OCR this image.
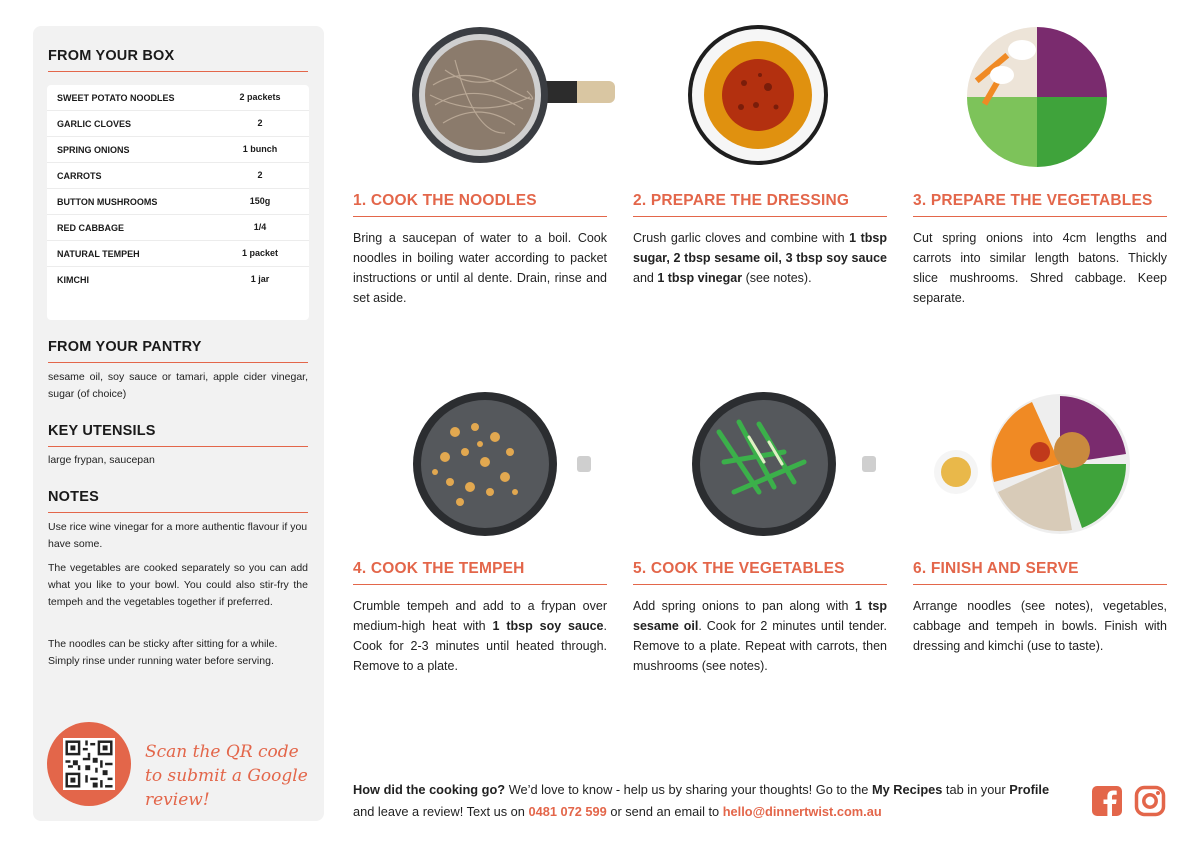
FROM YOUR BOX
SWEET POTATO NOODLES	2 packets
GARLIC CLOVES	2
SPRING ONIONS	1 bunch
CARROTS	2
BUTTON MUSHROOMS	150g
RED CABBAGE	1/4
NATURAL TEMPEH	1 packet
KIMCHI	1 jar
FROM YOUR PANTRY
sesame oil, soy sauce or tamari, apple cider vinegar, sugar (of choice)
KEY UTENSILS
large frypan, saucepan
NOTES
Use rice wine vinegar for a more authentic flavour if you have some.
The vegetables are cooked separately so you can add what you like to your bowl. You could also stir-fry the tempeh and the vegetables together if preferred.
The noodles can be sticky after sitting for a while. Simply rinse under running water before serving.
Scan the QR code to submit a Google review!
1. COOK THE NOODLES
Bring a saucepan of water to a boil. Cook noodles in boiling water according to packet instructions or until al dente. Drain, rinse and set aside.
2. PREPARE THE DRESSING
Crush garlic cloves and combine with 1 tbsp sugar, 2 tbsp sesame oil, 3 tbsp soy sauce and 1 tbsp vinegar (see notes).
3. PREPARE THE VEGETABLES
Cut spring onions into 4cm lengths and carrots into similar length batons. Thickly slice mushrooms. Shred cabbage. Keep separate.
4. COOK THE TEMPEH
Crumble tempeh and add to a frypan over medium-high heat with 1 tbsp soy sauce. Cook for 2-3 minutes until heated through. Remove to a plate.
5. COOK THE VEGETABLES
Add spring onions to pan along with 1 tsp sesame oil. Cook for 2 minutes until tender. Remove to a plate. Repeat with carrots, then mushrooms (see notes).
6. FINISH AND SERVE
Arrange noodles (see notes), vegetables, cabbage and tempeh in bowls. Finish with dressing and kimchi (use to taste).
How did the cooking go? We’d love to know - help us by sharing your thoughts! Go to the My Recipes tab in your Profile and leave a review! Text us on 0481 072 599 or send an email to hello@dinnertwist.com.au
